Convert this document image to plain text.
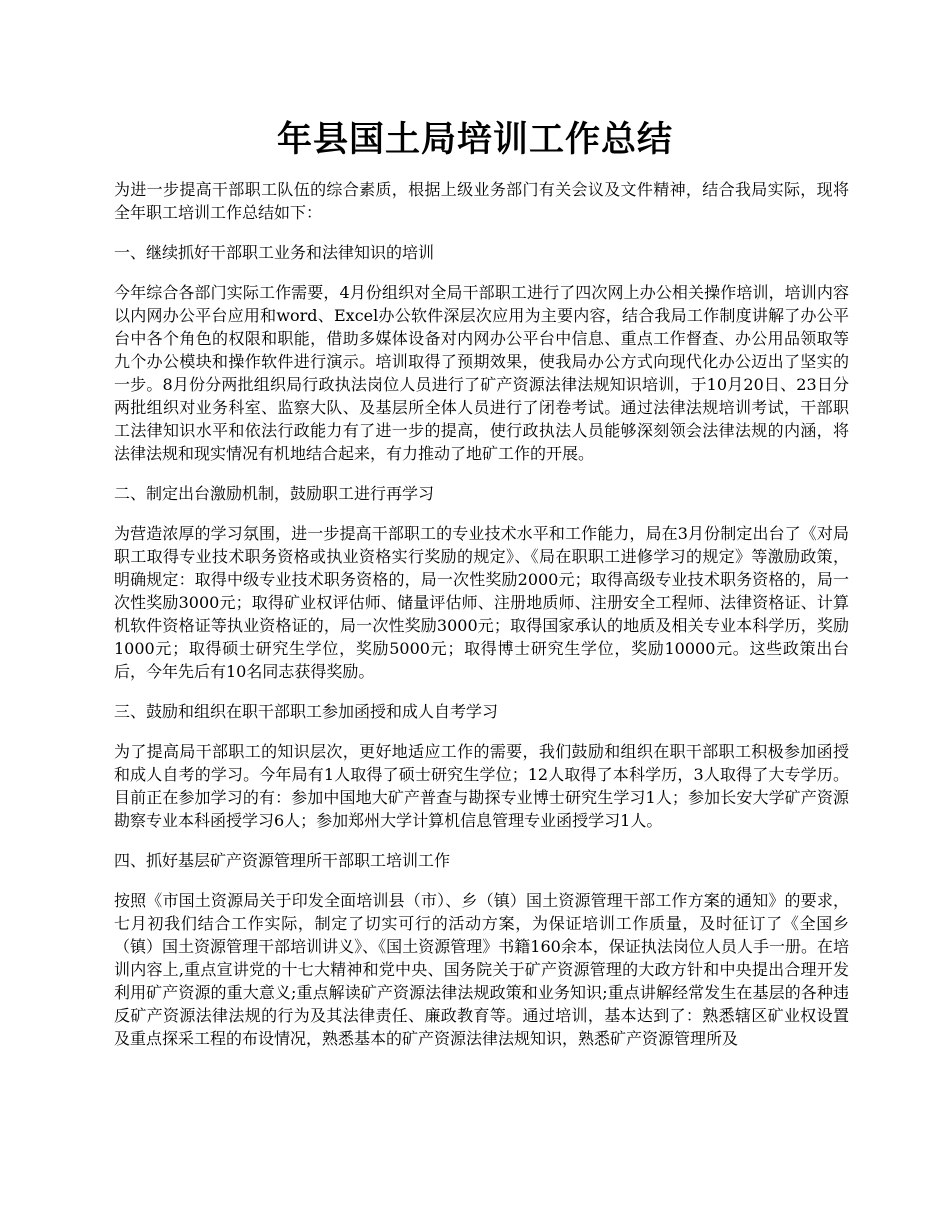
年县国土局培训工作总结

为进一步提高干部职工队伍的综合素质，根据上级业务部门有关会议及文件精神，结合我局实际，现将全年职工培训工作总结如下：

一、继续抓好干部职工业务和法律知识的培训

今年综合各部门实际工作需要，4月份组织对全局干部职工进行了四次网上办公相关操作培训，培训内容以内网办公平台应用和word、Excel办公软件深层次应用为主要内容，结合我局工作制度讲解了办公平台中各个角色的权限和职能，借助多媒体设备对内网办公平台中信息、重点工作督查、办公用品领取等九个办公模块和操作软件进行演示。培训取得了预期效果，使我局办公方式向现代化办公迈出了坚实的一步。8月份分两批组织局行政执法岗位人员进行了矿产资源法律法规知识培训，于10月20日、23日分两批组织对业务科室、监察大队、及基层所全体人员进行了闭卷考试。通过法律法规培训考试，干部职工法律知识水平和依法行政能力有了进一步的提高，使行政执法人员能够深刻领会法律法规的内涵，将法律法规和现实情况有机地结合起来，有力推动了地矿工作的开展。

二、制定出台激励机制，鼓励职工进行再学习

为营造浓厚的学习氛围，进一步提高干部职工的专业技术水平和工作能力，局在3月份制定出台了《对局职工取得专业技术职务资格或执业资格实行奖励的规定》、《局在职职工进修学习的规定》等激励政策，明确规定：取得中级专业技术职务资格的，局一次性奖励2000元；取得高级专业技术职务资格的，局一次性奖励3000元；取得矿业权评估师、储量评估师、注册地质师、注册安全工程师、法律资格证、计算机软件资格证等执业资格证的，局一次性奖励3000元；取得国家承认的地质及相关专业本科学历，奖励1000元；取得硕士研究生学位，奖励5000元；取得博士研究生学位，奖励10000元。这些政策出台后，今年先后有10名同志获得奖励。

三、鼓励和组织在职干部职工参加函授和成人自考学习

为了提高局干部职工的知识层次，更好地适应工作的需要，我们鼓励和组织在职干部职工积极参加函授和成人自考的学习。今年局有1人取得了硕士研究生学位；12人取得了本科学历，3人取得了大专学历。目前正在参加学习的有：参加中国地大矿产普查与勘探专业博士研究生学习1人；参加长安大学矿产资源勘察专业本科函授学习6人；参加郑州大学计算机信息管理专业函授学习1人。

四、抓好基层矿产资源管理所干部职工培训工作

按照《市国土资源局关于印发全面培训县（市）、乡（镇）国土资源管理干部工作方案的通知》的要求，七月初我们结合工作实际，制定了切实可行的活动方案，为保证培训工作质量，及时征订了《全国乡（镇）国土资源管理干部培训讲义》、《国土资源管理》书籍160余本，保证执法岗位人员人手一册。在培训内容上,重点宣讲党的十七大精神和党中央、国务院关于矿产资源管理的大政方针和中央提出合理开发利用矿产资源的重大意义;重点解读矿产资源法律法规政策和业务知识;重点讲解经常发生在基层的各种违反矿产资源法律法规的行为及其法律责任、廉政教育等。通过培训，基本达到了：熟悉辖区矿业权设置及重点探采工程的布设情况，熟悉基本的矿产资源法律法规知识，熟悉矿产资源管理所及
